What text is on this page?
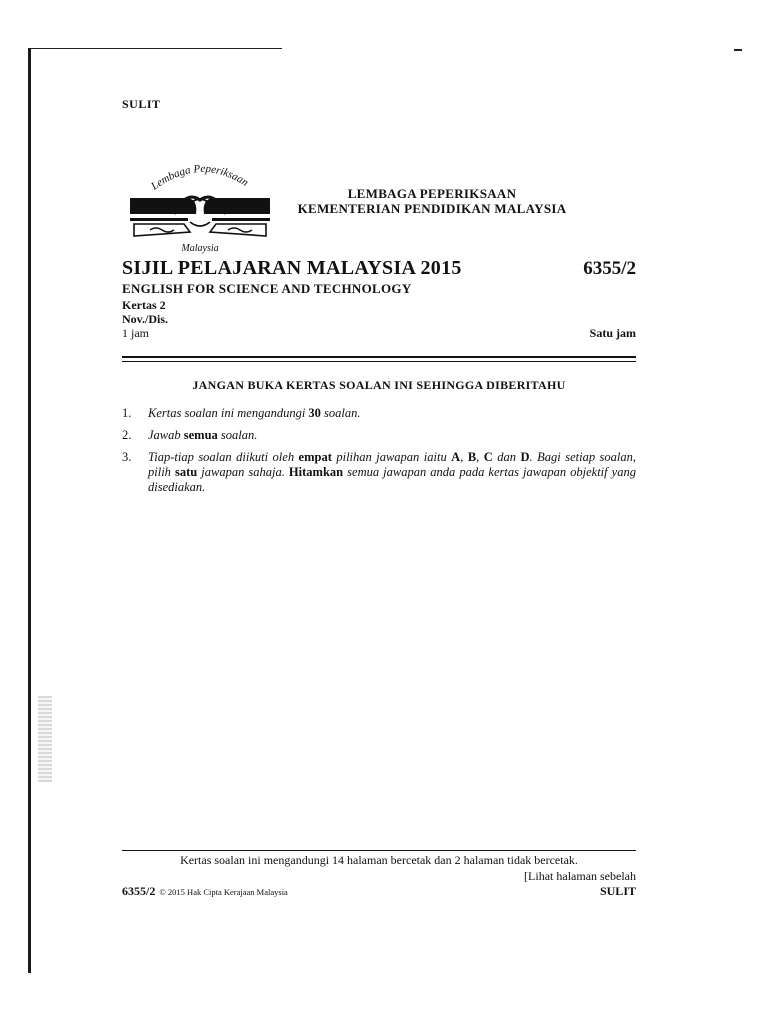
SULIT
Lembaga Peperiksaan
Malaysia
LEMBAGA PEPERIKSAAN
KEMENTERIAN PENDIDIKAN MALAYSIA
SIJIL PELAJARAN MALAYSIA 2015	6355/2
ENGLISH FOR SCIENCE AND TECHNOLOGY
Kertas 2
Nov./Dis.
1 jam	Satu jam
JANGAN BUKA KERTAS SOALAN INI SEHINGGA DIBERITAHU
1. Kertas soalan ini mengandungi 30 soalan.
2. Jawab semua soalan.
3. Tiap-tiap soalan diikuti oleh empat pilihan jawapan iaitu A, B, C dan D. Bagi setiap soalan, pilih satu jawapan sahaja. Hitamkan semua jawapan anda pada kertas jawapan objektif yang disediakan.
Kertas soalan ini mengandungi 14 halaman bercetak dan 2 halaman tidak bercetak.
[Lihat halaman sebelah
6355/2 © 2015 Hak Cipta Kerajaan Malaysia	SULIT
